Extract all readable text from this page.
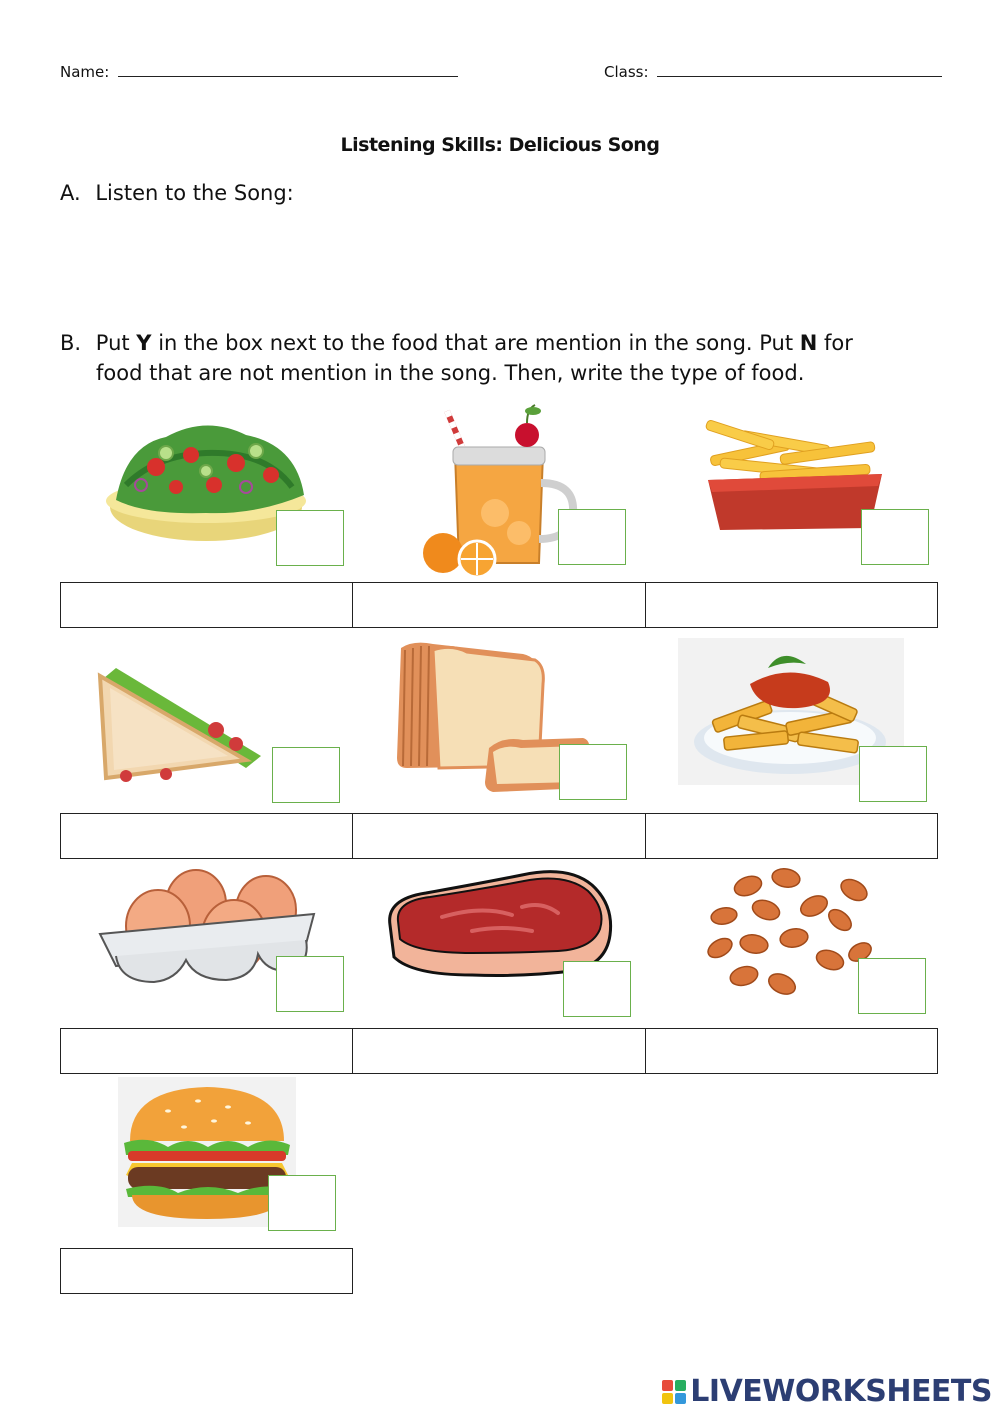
Name:	Class:
Listening Skills: Delicious Song
A. Listen to the Song:
B. Put Y in the box next to the food that are mention in the song. Put N for
food that are not mention in the song. Then, write the type of food.
LIVEWORKSHEETS
